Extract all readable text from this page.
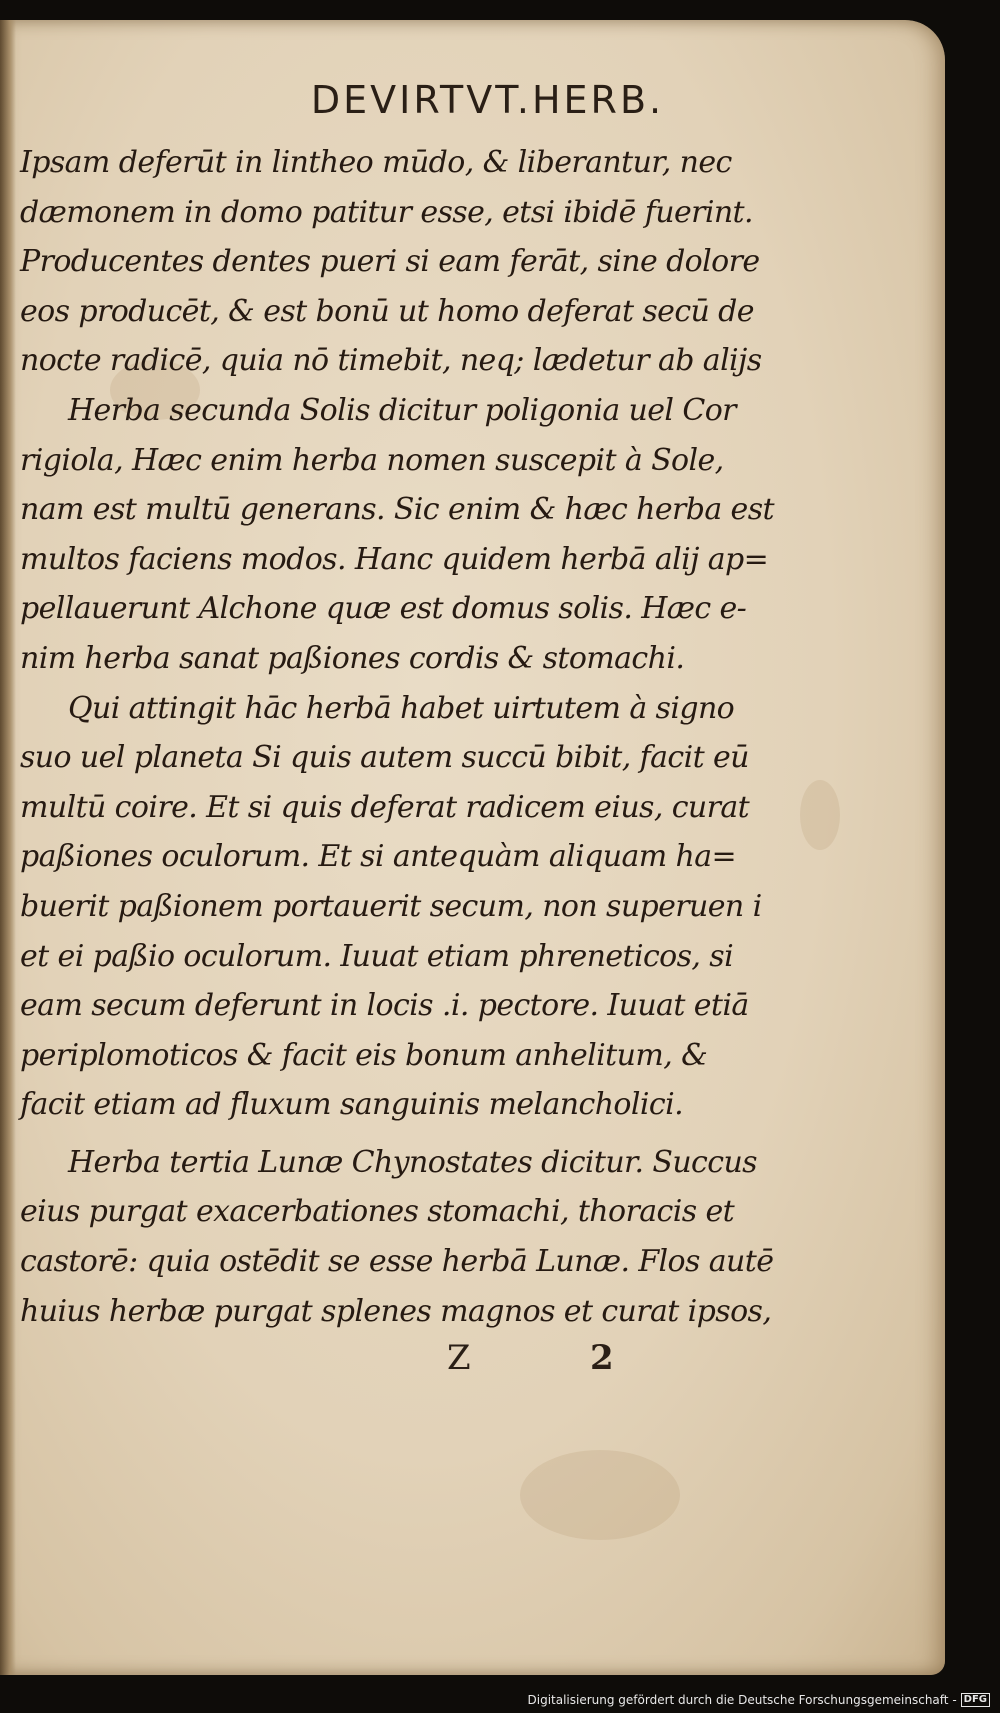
DEVIRTVT.HERB.
Ipsam deferūt in lintheo mūdo, & liberantur, nec
dæmonem in domo patitur esse, etsi ibidē fuerint.
Producentes dentes pueri si eam ferāt, sine dolore
eos producēt, & est bonū ut homo deferat secū de
nocte radicē, quia nō timebit, neq; lædetur ab alijs
Herba secunda Solis dicitur poligonia uel Cor
rigiola, Hæc enim herba nomen suscepit à Sole,
nam est multū generans. Sic enim & hæc herba est
multos faciens modos. Hanc quidem herbā alij ap=
pellauerunt Alchone quæ est domus solis. Hæc e-
nim herba sanat paßiones cordis & stomachi.
Qui attingit hāc herbā habet uirtutem à signo
suo uel planeta Si quis autem succū bibit, facit eū
multū coire. Et si quis deferat radicem eius, curat
paßiones oculorum. Et si antequàm aliquam ha=
buerit paßionem portauerit secum, non superuen i
et ei paßio oculorum. Iuuat etiam phreneticos, si
eam secum deferunt in locis .i. pectore. Iuuat etiā
periplomoticos & facit eis bonum anhelitum, &
facit etiam ad fluxum sanguinis melancholici.
Herba tertia Lunæ Chynostates dicitur. Succus
eius purgat exacerbationes stomachi, thoracis et
castorē: quia ostēdit se esse herbā Lunæ. Flos autē
huius herbæ purgat splenes magnos et curat ipsos,
Z	2
Digitalisierung gefördert durch die Deutsche Forschungsgemeinschaft - DFG
